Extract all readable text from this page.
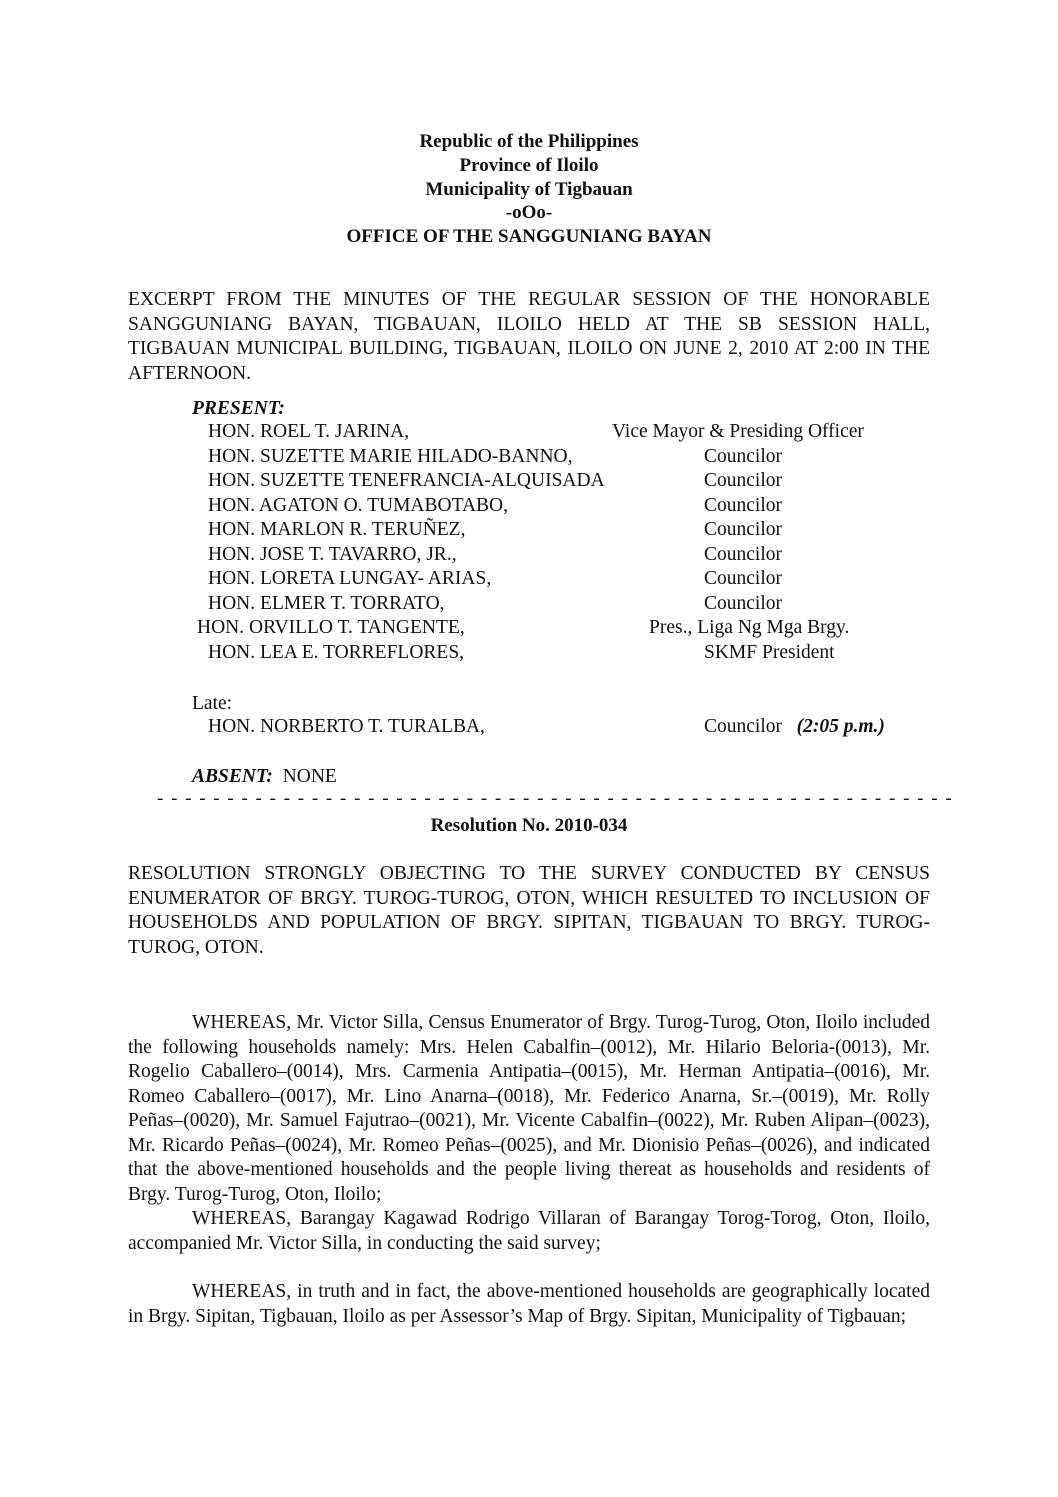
Republic of the Philippines
Province of Iloilo
Municipality of Tigbauan
-oOo-
OFFICE OF THE SANGGUNIANG BAYAN
EXCERPT FROM THE MINUTES OF THE REGULAR SESSION OF THE HONORABLE SANGGUNIANG BAYAN, TIGBAUAN, ILOILO HELD AT THE SB SESSION HALL, TIGBAUAN MUNICIPAL BUILDING, TIGBAUAN, ILOILO ON JUNE 2, 2010 AT 2:00 IN THE AFTERNOON.
PRESENT:
HON. ROEL T. JARINA,	Vice Mayor & Presiding Officer
HON. SUZETTE MARIE HILADO-BANNO,	Councilor
HON. SUZETTE TENEFRANCIA-ALQUISADA	Councilor
HON. AGATON O. TUMABOTABO,	Councilor
HON. MARLON R. TERUÑEZ,	Councilor
HON. JOSE T. TAVARRO, JR.,	Councilor
HON. LORETA LUNGAY- ARIAS,	Councilor
HON. ELMER T. TORRATO,	Councilor
HON. ORVILLO T. TANGENTE,	Pres., Liga Ng Mga Brgy.
HON. LEA E. TORREFLORES,	SKMF President
Late:
HON. NORBERTO T. TURALBA,	Councilor (2:05 p.m.)
ABSENT: NONE
- - - - - - - - - - - - - - - - - - - - - - - - - - - - - - - - - - - - - - - - - - - - - - - - - - - - - - - - -
Resolution No. 2010-034
RESOLUTION STRONGLY OBJECTING TO THE SURVEY CONDUCTED BY CENSUS ENUMERATOR OF BRGY. TUROG-TUROG, OTON, WHICH RESULTED TO INCLUSION OF HOUSEHOLDS AND POPULATION OF BRGY. SIPITAN, TIGBAUAN TO BRGY. TUROG-TUROG, OTON.
WHEREAS, Mr. Victor Silla, Census Enumerator of Brgy. Turog-Turog, Oton, Iloilo included the following households namely: Mrs. Helen Cabalfin–(0012), Mr. Hilario Beloria-(0013), Mr. Rogelio Caballero–(0014), Mrs. Carmenia Antipatia–(0015), Mr. Herman Antipatia–(0016), Mr. Romeo Caballero–(0017), Mr. Lino Anarna–(0018), Mr. Federico Anarna, Sr.–(0019), Mr. Rolly Peñas–(0020), Mr. Samuel Fajutrao–(0021), Mr. Vicente Cabalfin–(0022), Mr. Ruben Alipan–(0023), Mr. Ricardo Peñas–(0024), Mr. Romeo Peñas–(0025), and Mr. Dionisio Peñas–(0026), and indicated that the above-mentioned households and the people living thereat as households and residents of Brgy. Turog-Turog, Oton, Iloilo;
WHEREAS, Barangay Kagawad Rodrigo Villaran of Barangay Torog-Torog, Oton, Iloilo, accompanied Mr. Victor Silla, in conducting the said survey;
WHEREAS, in truth and in fact, the above-mentioned households are geographically located in Brgy. Sipitan, Tigbauan, Iloilo as per Assessor’s Map of Brgy. Sipitan, Municipality of Tigbauan;
